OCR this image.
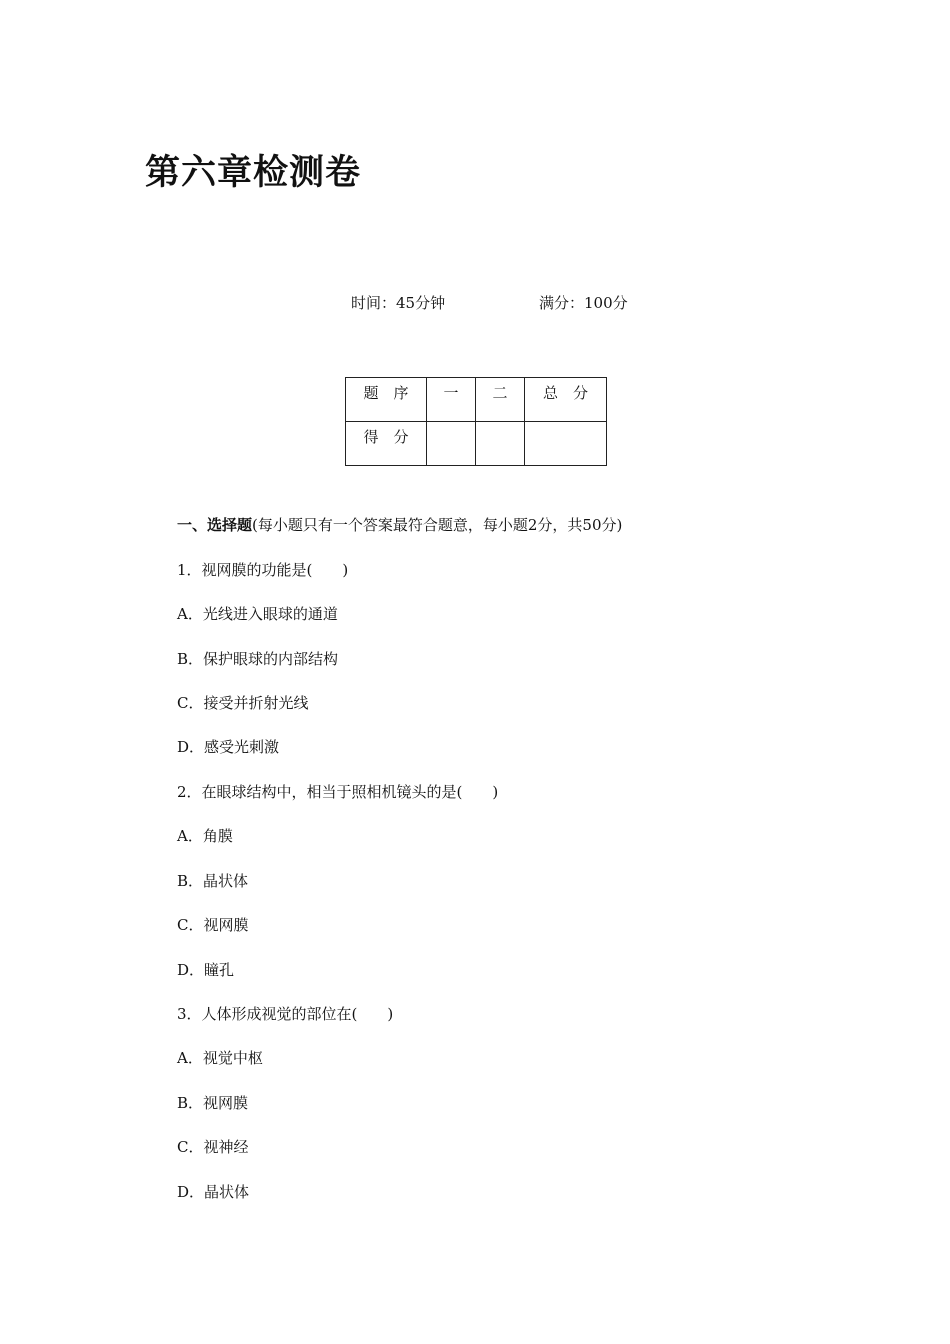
第六章检测卷
时间：45分钟	满分：100分
题　序	一	二	总　分
得　分			
一、选择题(每小题只有一个答案最符合题意，每小题2分，共50分)
1．视网膜的功能是(　　)
A．光线进入眼球的通道
B．保护眼球的内部结构
C．接受并折射光线
D．感受光刺激
2．在眼球结构中，相当于照相机镜头的是(　　)
A．角膜
B．晶状体
C．视网膜
D．瞳孔
3．人体形成视觉的部位在(　　)
A．视觉中枢
B．视网膜
C．视神经
D．晶状体
